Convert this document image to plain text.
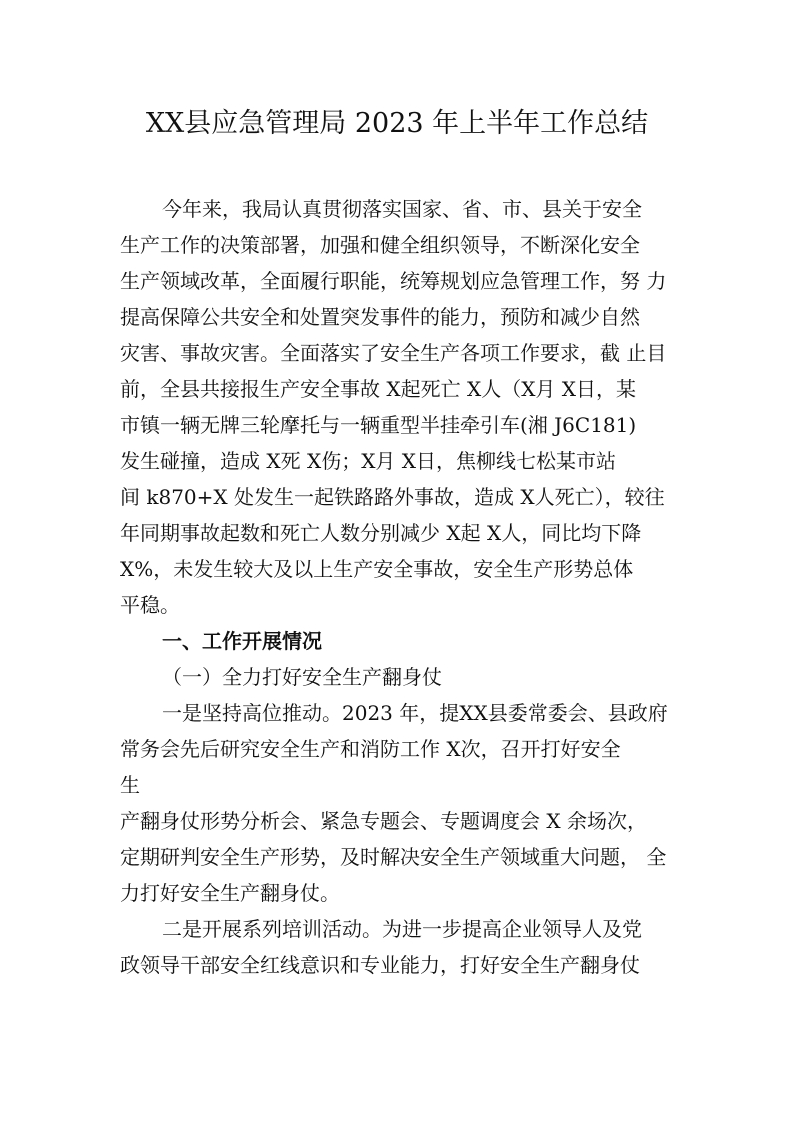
XX县应急管理局 2023 年上半年工作总结
今年来，我局认真贯彻落实国家、省、市、县关于安全
生产工作的决策部署，加强和健全组织领导，不断深化安全
生产领域改革，全面履行职能，统筹规划应急管理工作，努 力
提高保障公共安全和处置突发事件的能力，预防和减少自然
灾害、事故灾害。全面落实了安全生产各项工作要求，截 止目
前，全县共接报生产安全事故 X起死亡 X人（X月 X日，某
市镇一辆无牌三轮摩托与一辆重型半挂牵引车(湘 J6C181)
发生碰撞，造成 X死 X伤；X月 X日，焦柳线七松某市站
间 k870+X 处发生一起铁路路外事故，造成 X人死亡），较往
年同期事故起数和死亡人数分别减少 X起 X人，同比均下降
X%，未发生较大及以上生产安全事故，安全生产形势总体
平稳。
一、工作开展情况
（一）全力打好安全生产翻身仗
一是坚持高位推动。2023 年，提XX县委常委会、县政府
常务会先后研究安全生产和消防工作 X次，召开打好安全
生
产翻身仗形势分析会、紧急专题会、专题调度会 X 余场次，
定期研判安全生产形势，及时解决安全生产领域重大问题， 全
力打好安全生产翻身仗。
二是开展系列培训活动。为进一步提高企业领导人及党
政领导干部安全红线意识和专业能力，打好安全生产翻身仗
